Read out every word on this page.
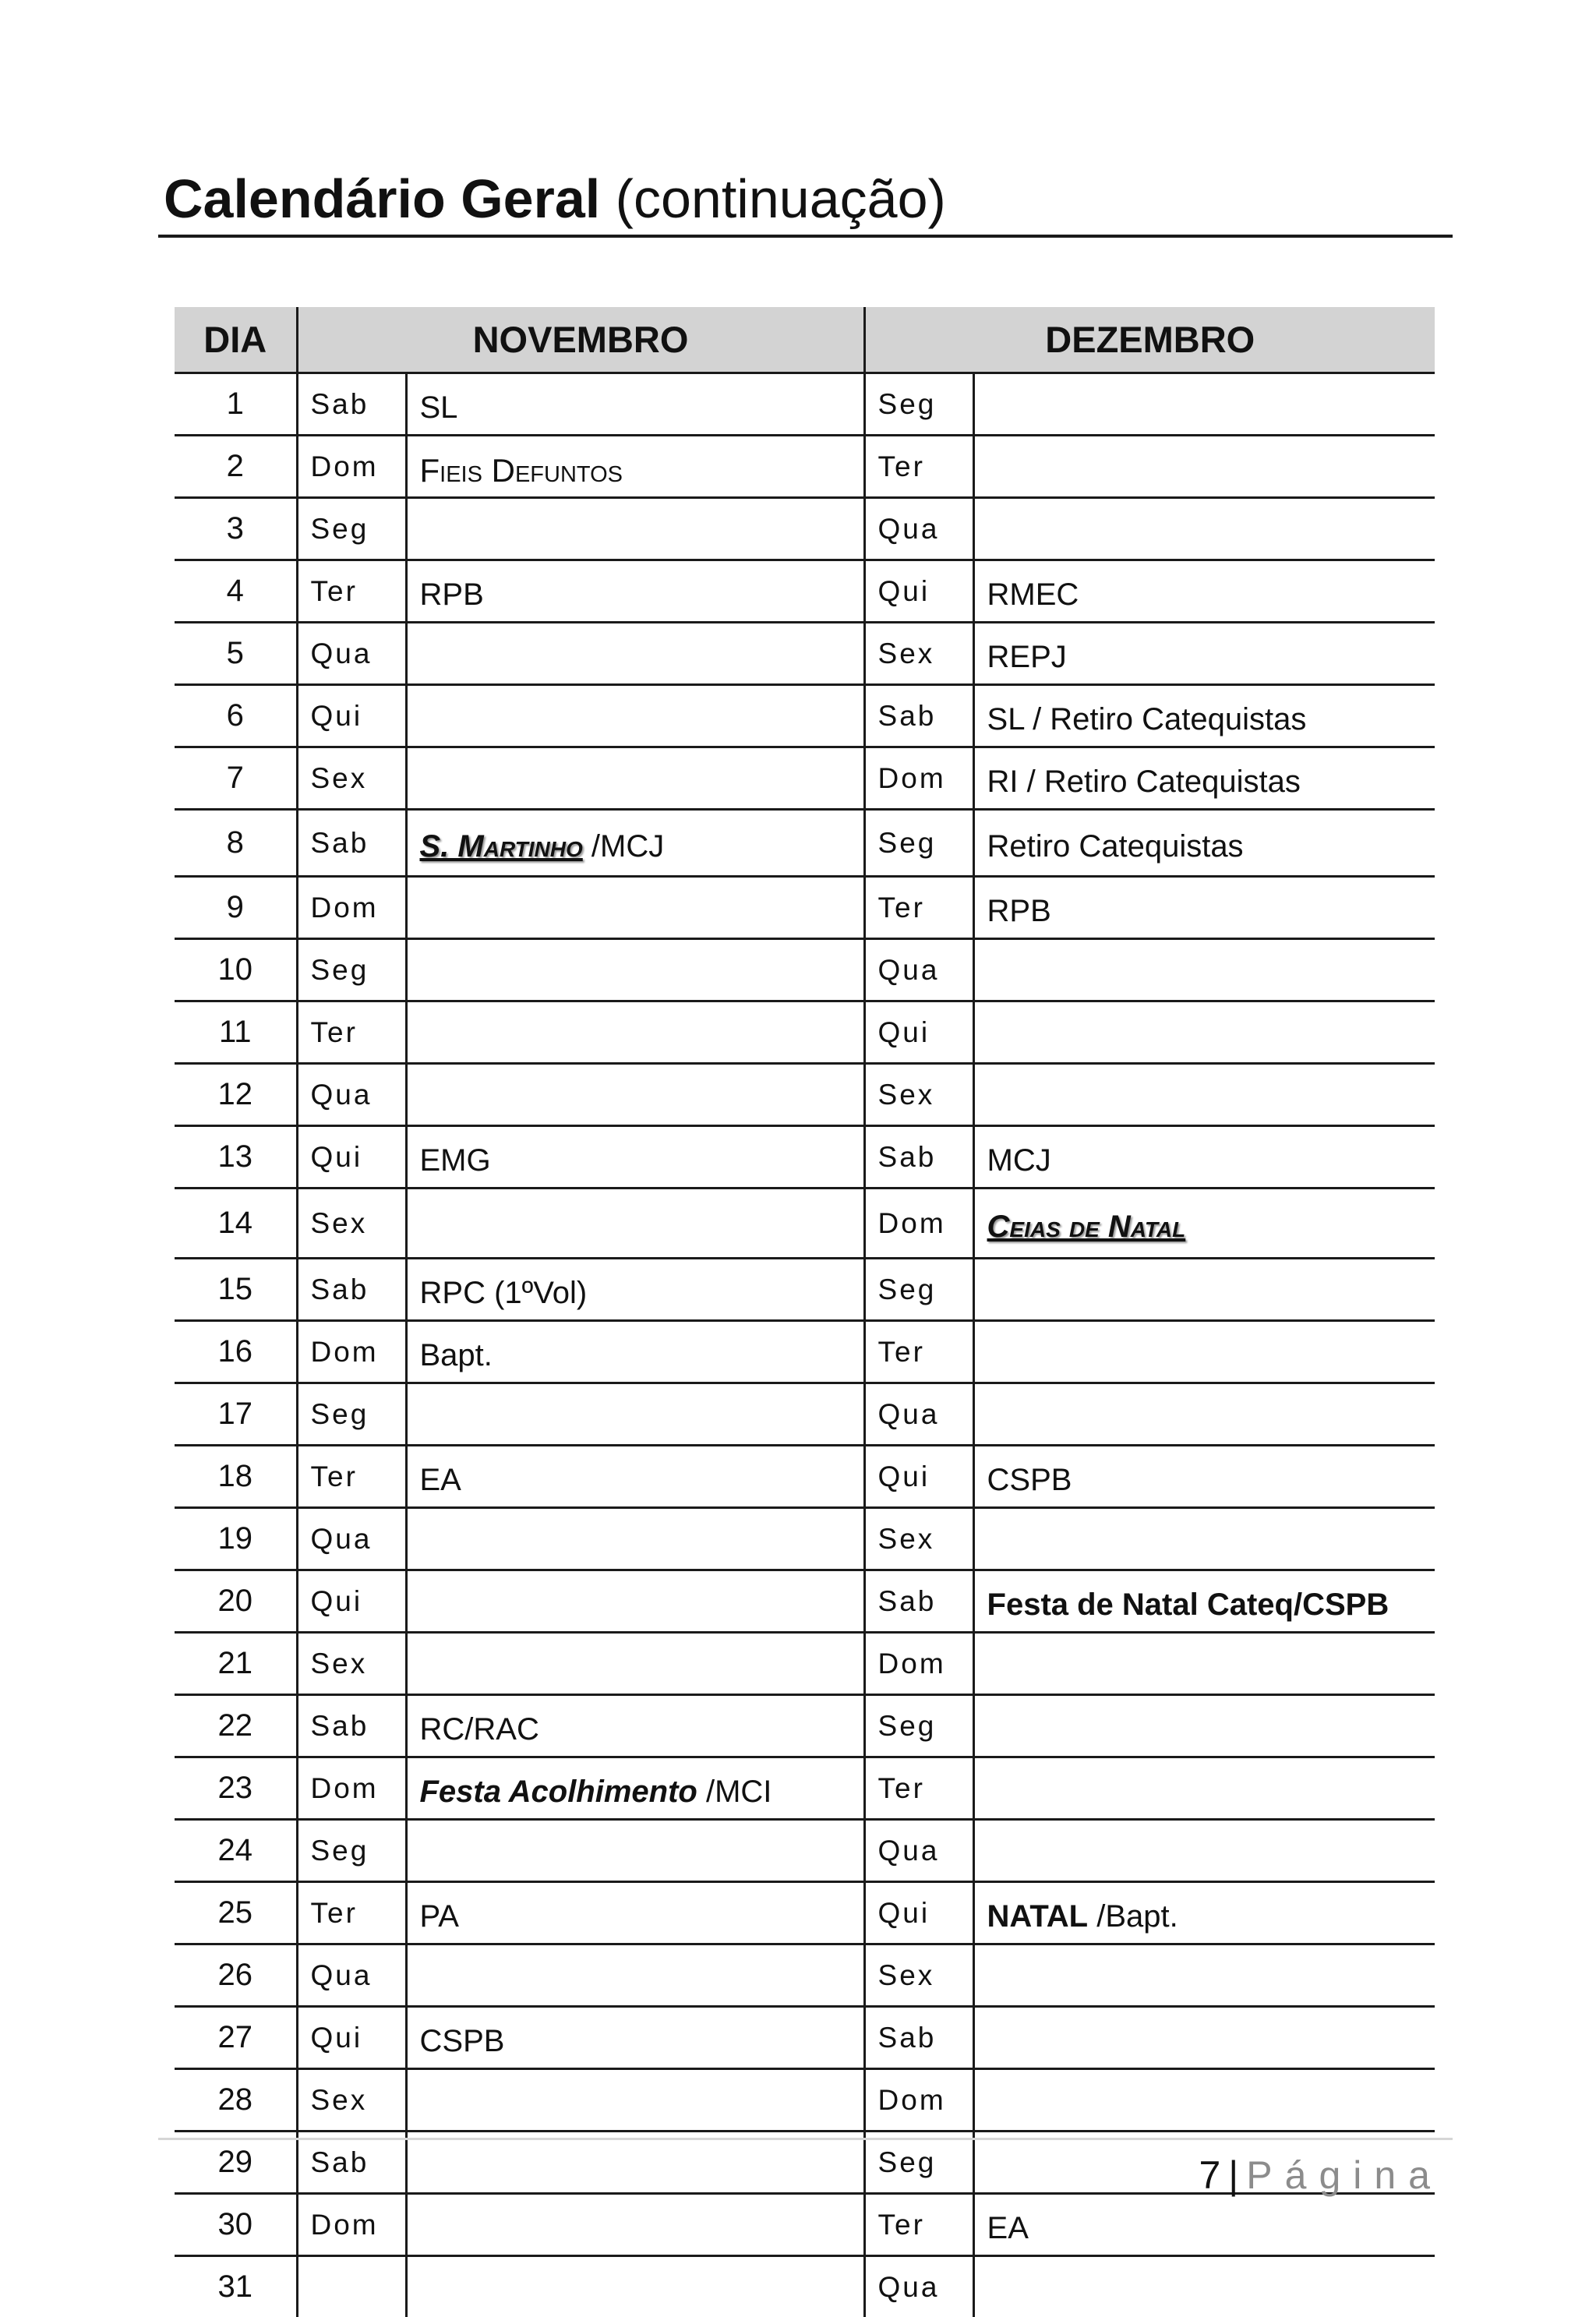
Calendário Geral (continuação)
DIA	NOVEMBRO		DEZEMBRO	
1	Sab	SL	Seg	
2	Dom	Fieis Defuntos	Ter	
3	Seg		Qua	
4	Ter	RPB	Qui	RMEC
5	Qua		Sex	REPJ
6	Qui		Sab	SL / Retiro Catequistas
7	Sex		Dom	RI / Retiro Catequistas
8	Sab	S. Martinho /MCJ	Seg	Retiro Catequistas
9	Dom		Ter	RPB
10	Seg		Qua	
11	Ter		Qui	
12	Qua		Sex	
13	Qui	EMG	Sab	MCJ
14	Sex		Dom	Ceias de Natal
15	Sab	RPC (1ºVol)	Seg	
16	Dom	Bapt.	Ter	
17	Seg		Qua	
18	Ter	EA	Qui	CSPB
19	Qua		Sex	
20	Qui		Sab	Festa de Natal Cateq/CSPB
21	Sex		Dom	
22	Sab	RC/RAC	Seg	
23	Dom	Festa Acolhimento /MCI	Ter	
24	Seg		Qua	
25	Ter	PA	Qui	NATAL /Bapt.
26	Qua		Sex	
27	Qui	CSPB	Sab	
28	Sex		Dom	
29	Sab		Seg	
30	Dom		Ter	EA
31			Qua	
7 | Página
